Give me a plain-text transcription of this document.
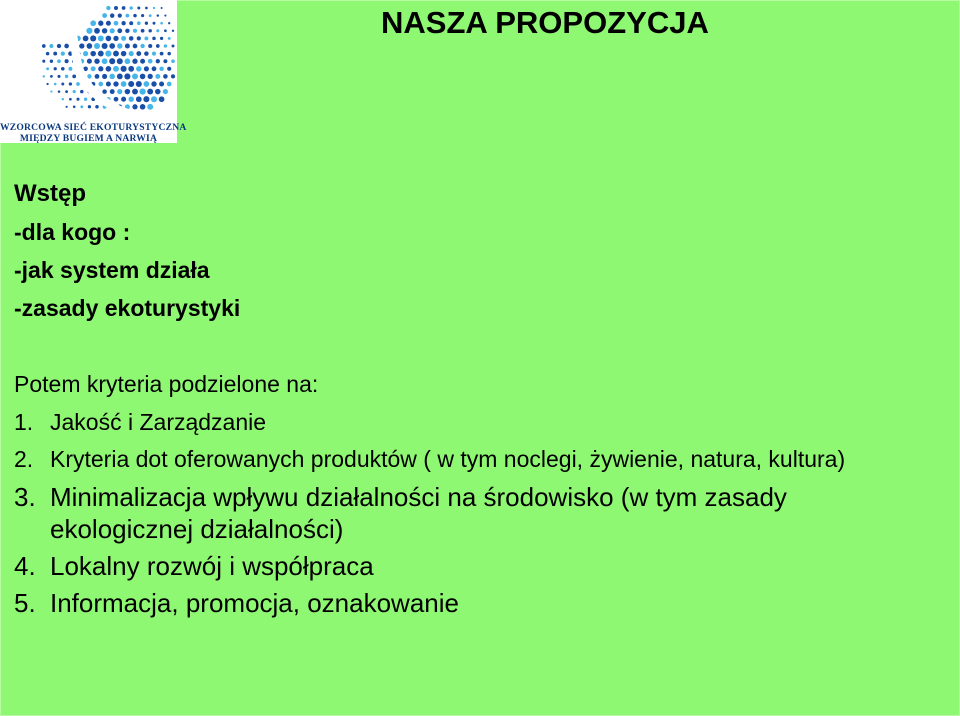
WZORCOWA SIEĆ EKOTURYSTYCZNA
MIĘDZY BUGIEM A NARWIĄ
NASZA PROPOZYCJA
Wstęp
-dla kogo :
-jak system działa
-zasady ekoturystyki
Potem kryteria podzielone na:
1. Jakość i Zarządzanie
2. Kryteria dot oferowanych produktów ( w tym noclegi, żywienie, natura, kultura)
3. Minimalizacja wpływu działalności na środowisko (w tym zasady ekologicznej działalności)
4. Lokalny rozwój i współpraca
5. Informacja, promocja, oznakowanie
